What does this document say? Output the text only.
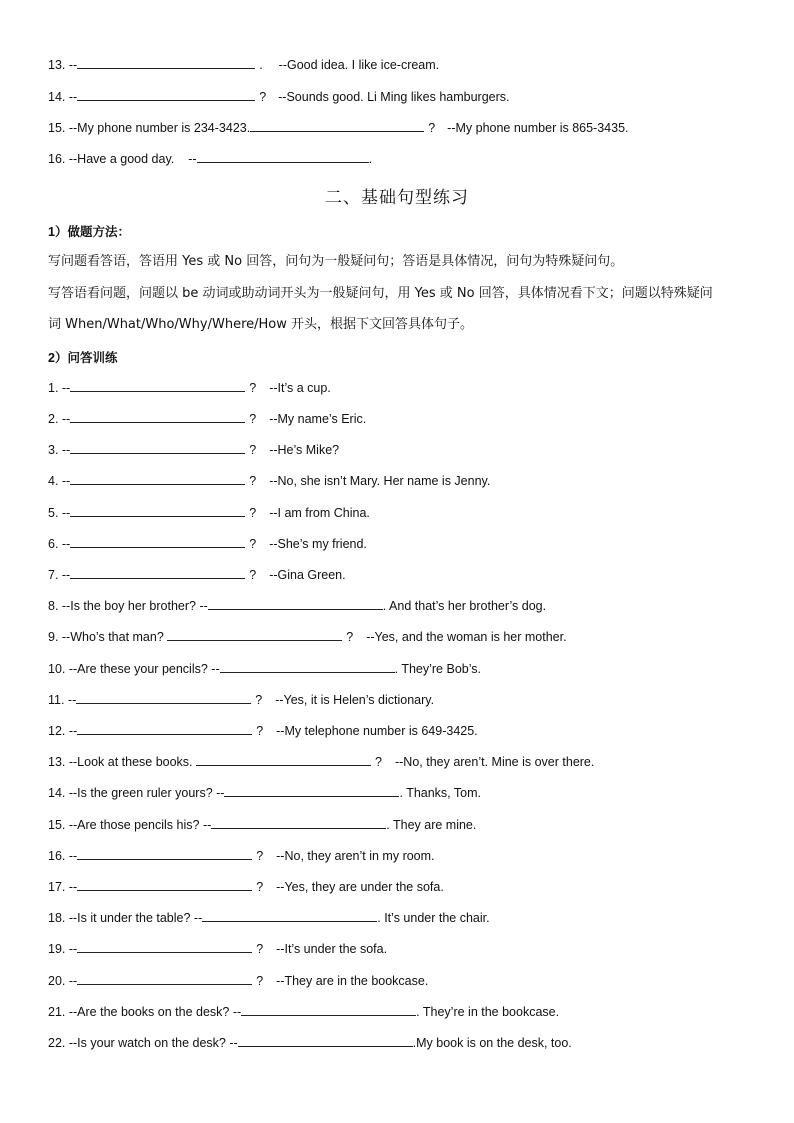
13. --	. --Good idea. I like ice-cream.
14. --	? --Sounds good. Li Ming likes hamburgers.
15. --My phone number is 234-3423.	? --My phone number is 865-3435.
16. --Have a good day. --	.
二、基础句型练习
1）做题方法：
写问题看答语，答语用 Yes 或 No 回答，问句为一般疑问句；答语是具体情况，问句为特殊疑问句。
写答语看问题，问题以 be 动词或助动词开头为一般疑问句，用 Yes 或 No 回答，具体情况看下文；问题以特殊疑问
词 When/What/Who/Why/Where/How 开头，根据下文回答具体句子。
2）问答训练
1. --	? --It’s a cup.
2. --	? --My name’s Eric.
3. --	? --He’s Mike?
4. --	? --No, she isn’t Mary. Her name is Jenny.
5. --	? --I am from China.
6. --	? --She’s my friend.
7. --	? --Gina Green.
8. --Is the boy her brother? --	. And that’s her brother’s dog.
9. --Who’s that man?	? --Yes, and the woman is her mother.
10. --Are these your pencils? --	. They’re Bob’s.
11. --	? --Yes, it is Helen’s dictionary.
12. --	? --My telephone number is 649-3425.
13. --Look at these books.	? --No, they aren’t. Mine is over there.
14. --Is the green ruler yours? --	. Thanks, Tom.
15. --Are those pencils his? --	. They are mine.
16. --	? --No, they aren’t in my room.
17. --	? --Yes, they are under the sofa.
18. --Is it under the table? --	. It’s under the chair.
19. --	? --It’s under the sofa.
20. --	? --They are in the bookcase.
21. --Are the books on the desk? --	. They’re in the bookcase.
22. --Is your watch on the desk? --	.My book is on the desk, too.
